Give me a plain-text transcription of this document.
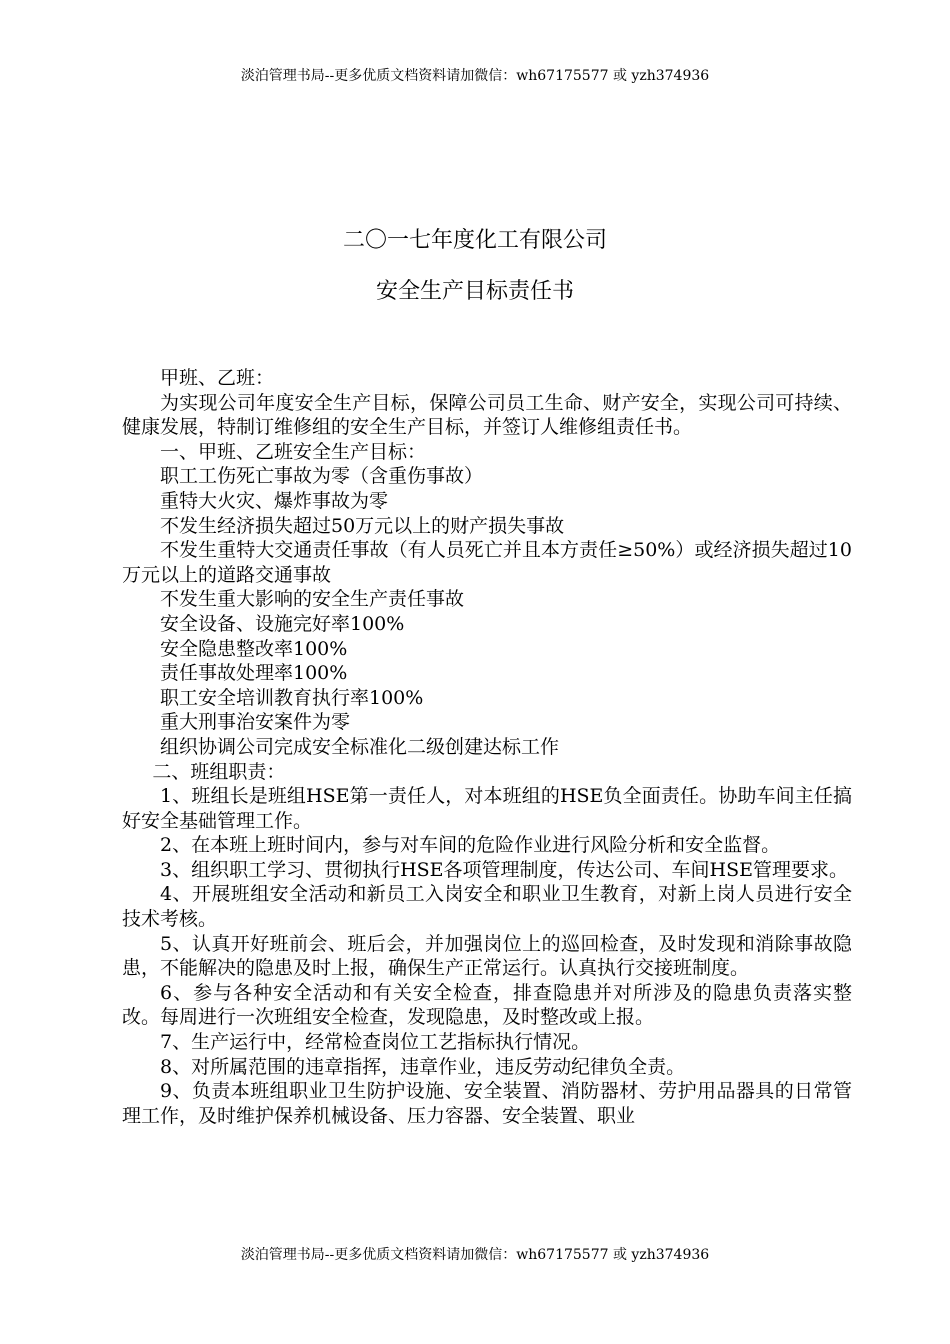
淡泊管理书局--更多优质文档资料请加微信：wh67175577 或 yzh374936
二〇一七年度化工有限公司
安全生产目标责任书

甲班、乙班：

为实现公司年度安全生产目标，保障公司员工生命、财产安全，实现公司可持续、健康发展，特制订维修组的安全生产目标，并签订人维修组责任书。

一、甲班、乙班安全生产目标：

职工工伤死亡事故为零（含重伤事故）

重特大火灾、爆炸事故为零

不发生经济损失超过50万元以上的财产损失事故

不发生重特大交通责任事故（有人员死亡并且本方责任≥50%）或经济损失超过10万元以上的道路交通事故

不发生重大影响的安全生产责任事故

安全设备、设施完好率100%

安全隐患整改率100%

责任事故处理率100%

职工安全培训教育执行率100%

重大刑事治安案件为零

组织协调公司完成安全标准化二级创建达标工作

二、班组职责：

1、班组长是班组HSE第一责任人，对本班组的HSE负全面责任。协助车间主任搞好安全基础管理工作。

2、在本班上班时间内，参与对车间的危险作业进行风险分析和安全监督。

3、组织职工学习、贯彻执行HSE各项管理制度，传达公司、车间HSE管理要求。

4、开展班组安全活动和新员工入岗安全和职业卫生教育，对新上岗人员进行安全技术考核。

5、认真开好班前会、班后会，并加强岗位上的巡回检查，及时发现和消除事故隐患，不能解决的隐患及时上报，确保生产正常运行。认真执行交接班制度。

6、参与各种安全活动和有关安全检查，排查隐患并对所涉及的隐患负责落实整改。每周进行一次班组安全检查，发现隐患，及时整改或上报。

7、生产运行中，经常检查岗位工艺指标执行情况。

8、对所属范围的违章指挥，违章作业，违反劳动纪律负全责。

9、负责本班组职业卫生防护设施、安全装置、消防器材、劳护用品器具的日常管理工作，及时维护保养机械设备、压力容器、安全装置、职业

淡泊管理书局--更多优质文档资料请加微信：wh67175577 或 yzh374936
